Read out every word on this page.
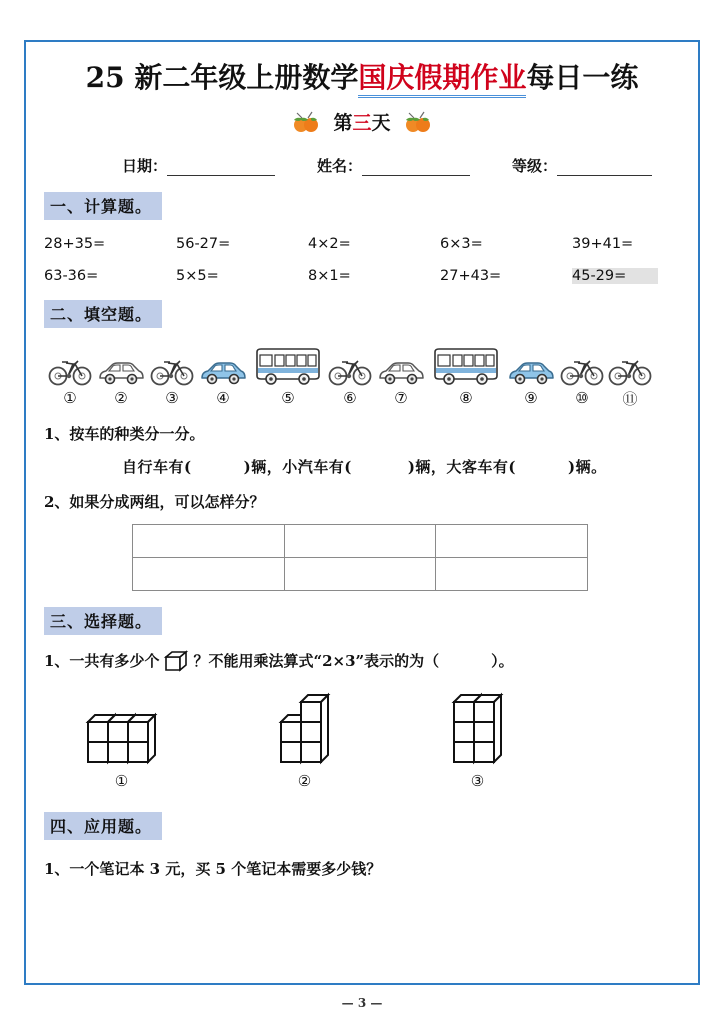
25 新二年级上册数学国庆假期作业每日一练
第三天
日期：	姓名：	等级：
一、计算题。
28+35=	56-27=	4×2=	6×3=	39+41=
63-36=	5×5=	8×1=	27+43=	45-29=
二、填空题。
①	②	③	④	⑤	⑥	⑦	⑧	⑨	⑩	⑪
1、按车的种类分一分。
自行车有(	)辆，小汽车有(	)辆，大客车有(	)辆。
2、如果分成两组，可以怎样分？

三、选择题。
1、一共有多少个 ？不能用乘法算式“2×3”表示的为（	）。
①	②	③
四、应用题。
1、一个笔记本 3 元，买 5 个笔记本需要多少钱？
— 3 —
